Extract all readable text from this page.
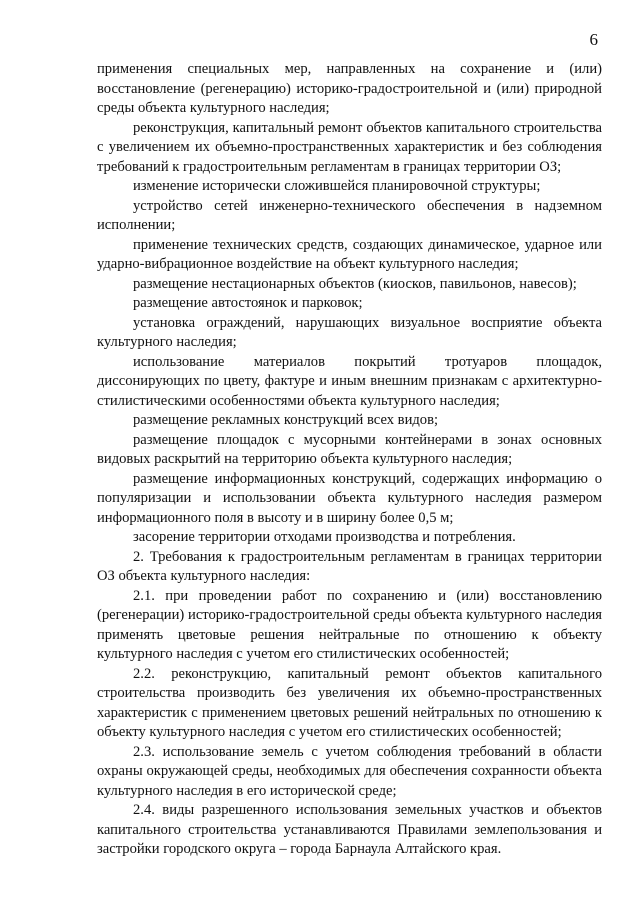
6

применения специальных мер, направленных на сохранение и (или) восстановление (регенерацию) историко-градостроительной и (или) природной среды объекта культурного наследия;

реконструкция, капитальный ремонт объектов капитального строительства с увеличением их объемно-пространственных характеристик и без соблюдения требований к градостроительным регламентам в границах территории ОЗ;

изменение исторически сложившейся планировочной структуры;

устройство сетей инженерно-технического обеспечения в надземном исполнении;

применение технических средств, создающих динамическое, ударное или ударно-вибрационное воздействие на объект культурного наследия;

размещение нестационарных объектов (киосков, павильонов, навесов);

размещение автостоянок и парковок;

установка ограждений, нарушающих визуальное восприятие объекта культурного наследия;

использование материалов покрытий тротуаров площадок, диссонирующих по цвету, фактуре и иным внешним признакам с архитектурно-стилистическими особенностями объекта культурного наследия;

размещение рекламных конструкций всех видов;

размещение площадок с мусорными контейнерами в зонах основных видовых раскрытий на территорию объекта культурного наследия;

размещение информационных конструкций, содержащих информацию о популяризации и использовании объекта культурного наследия размером информационного поля в высоту и в ширину более 0,5 м;

засорение территории отходами производства и потребления.

2. Требования к градостроительным регламентам в границах территории ОЗ объекта культурного наследия:

2.1. при проведении работ по сохранению и (или) восстановлению (регенерации) историко-градостроительной среды объекта культурного наследия применять цветовые решения нейтральные по отношению к объекту культурного наследия с учетом его стилистических особенностей;

2.2. реконструкцию, капитальный ремонт объектов капитального строительства производить без увеличения их объемно-пространственных характеристик с применением цветовых решений нейтральных по отношению к объекту культурного наследия с учетом его стилистических особенностей;

2.3. использование земель с учетом соблюдения требований в области охраны окружающей среды, необходимых для обеспечения сохранности объекта культурного наследия в его исторической среде;

2.4. виды разрешенного использования земельных участков и объектов капитального строительства устанавливаются Правилами землепользования и застройки городского округа – города Барнаула Алтайского края.
